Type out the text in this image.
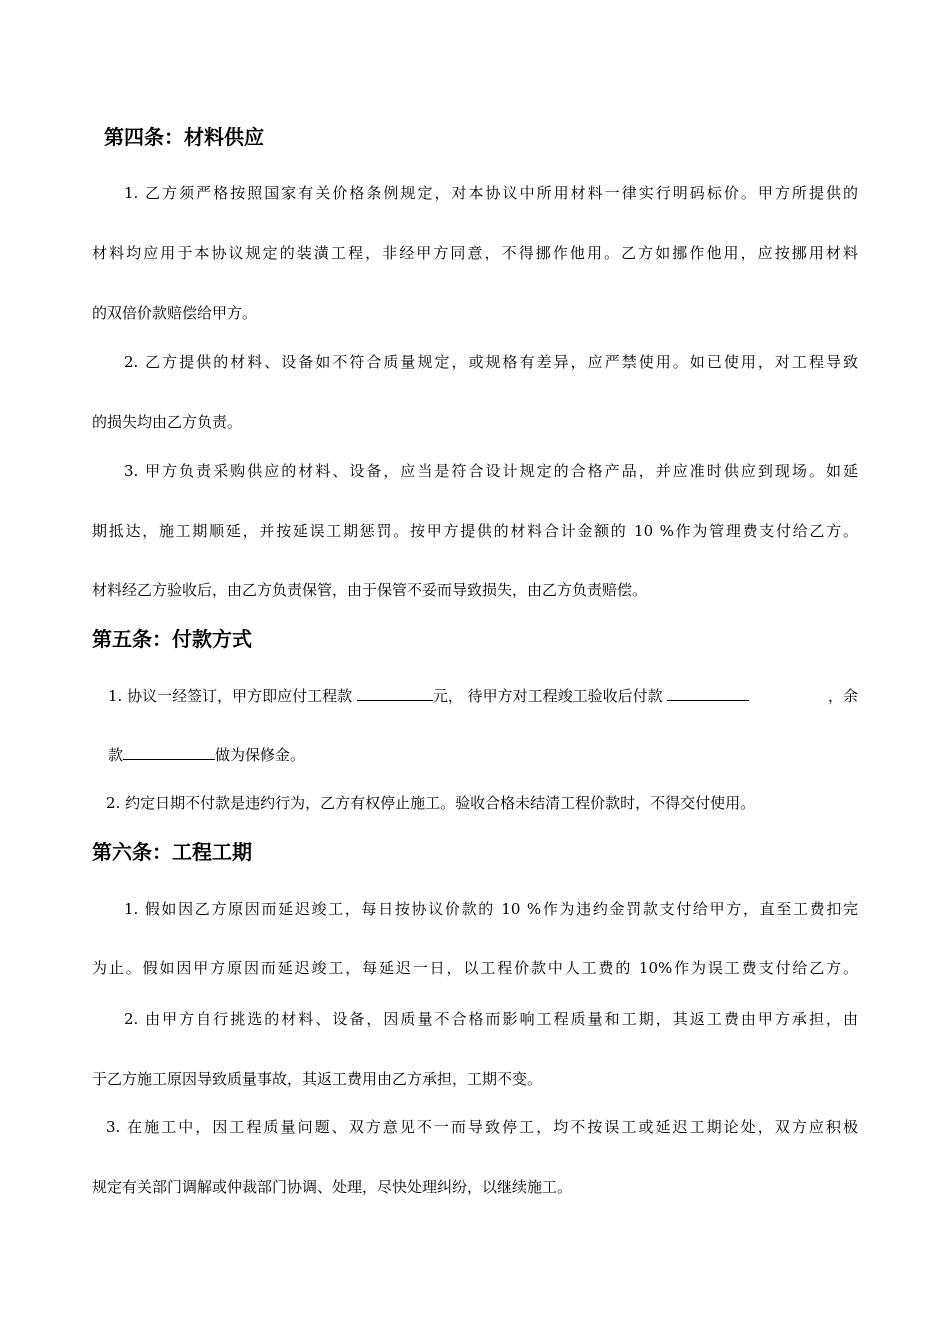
第四条：材料供应
1. 乙方须严格按照国家有关价格条例规定，对本协议中所用材料一律实行明码标价。甲方所提供的
材料均应用于本协议规定的装潢工程，非经甲方同意，不得挪作他用。乙方如挪作他用，应按挪用材料
的双倍价款赔偿给甲方。
2. 乙方提供的材料、设备如不符合质量规定，或规格有差异，应严禁使用。如已使用，对工程导致
的损失均由乙方负责。
3. 甲方负责采购供应的材料、设备，应当是符合设计规定的合格产品，并应准时供应到现场。如延
期抵达，施工期顺延，并按延误工期惩罚。按甲方提供的材料合计金额的 10 %作为管理费支付给乙方。
材料经乙方验收后，由乙方负责保管，由于保管不妥而导致损失，由乙方负责赔偿。
第五条：付款方式
1. 协议一经签订，甲方即应付工程款	元， 待甲方对工程竣工验收后付款	，余
款	做为保修金。
2. 约定日期不付款是违约行为，乙方有权停止施工。验收合格未结清工程价款时，不得交付使用。
第六条：工程工期
1. 假如因乙方原因而延迟竣工，每日按协议价款的 10 %作为违约金罚款支付给甲方，直至工费扣完
为止。假如因甲方原因而延迟竣工，每延迟一日，以工程价款中人工费的 10%作为误工费支付给乙方。
2. 由甲方自行挑选的材料、设备，因质量不合格而影响工程质量和工期，其返工费由甲方承担，由
于乙方施工原因导致质量事故，其返工费用由乙方承担，工期不变。
3. 在施工中，因工程质量问题、双方意见不一而导致停工，均不按误工或延迟工期论处，双方应积极
规定有关部门调解或仲裁部门协调、处理，尽快处理纠纷，以继续施工。
